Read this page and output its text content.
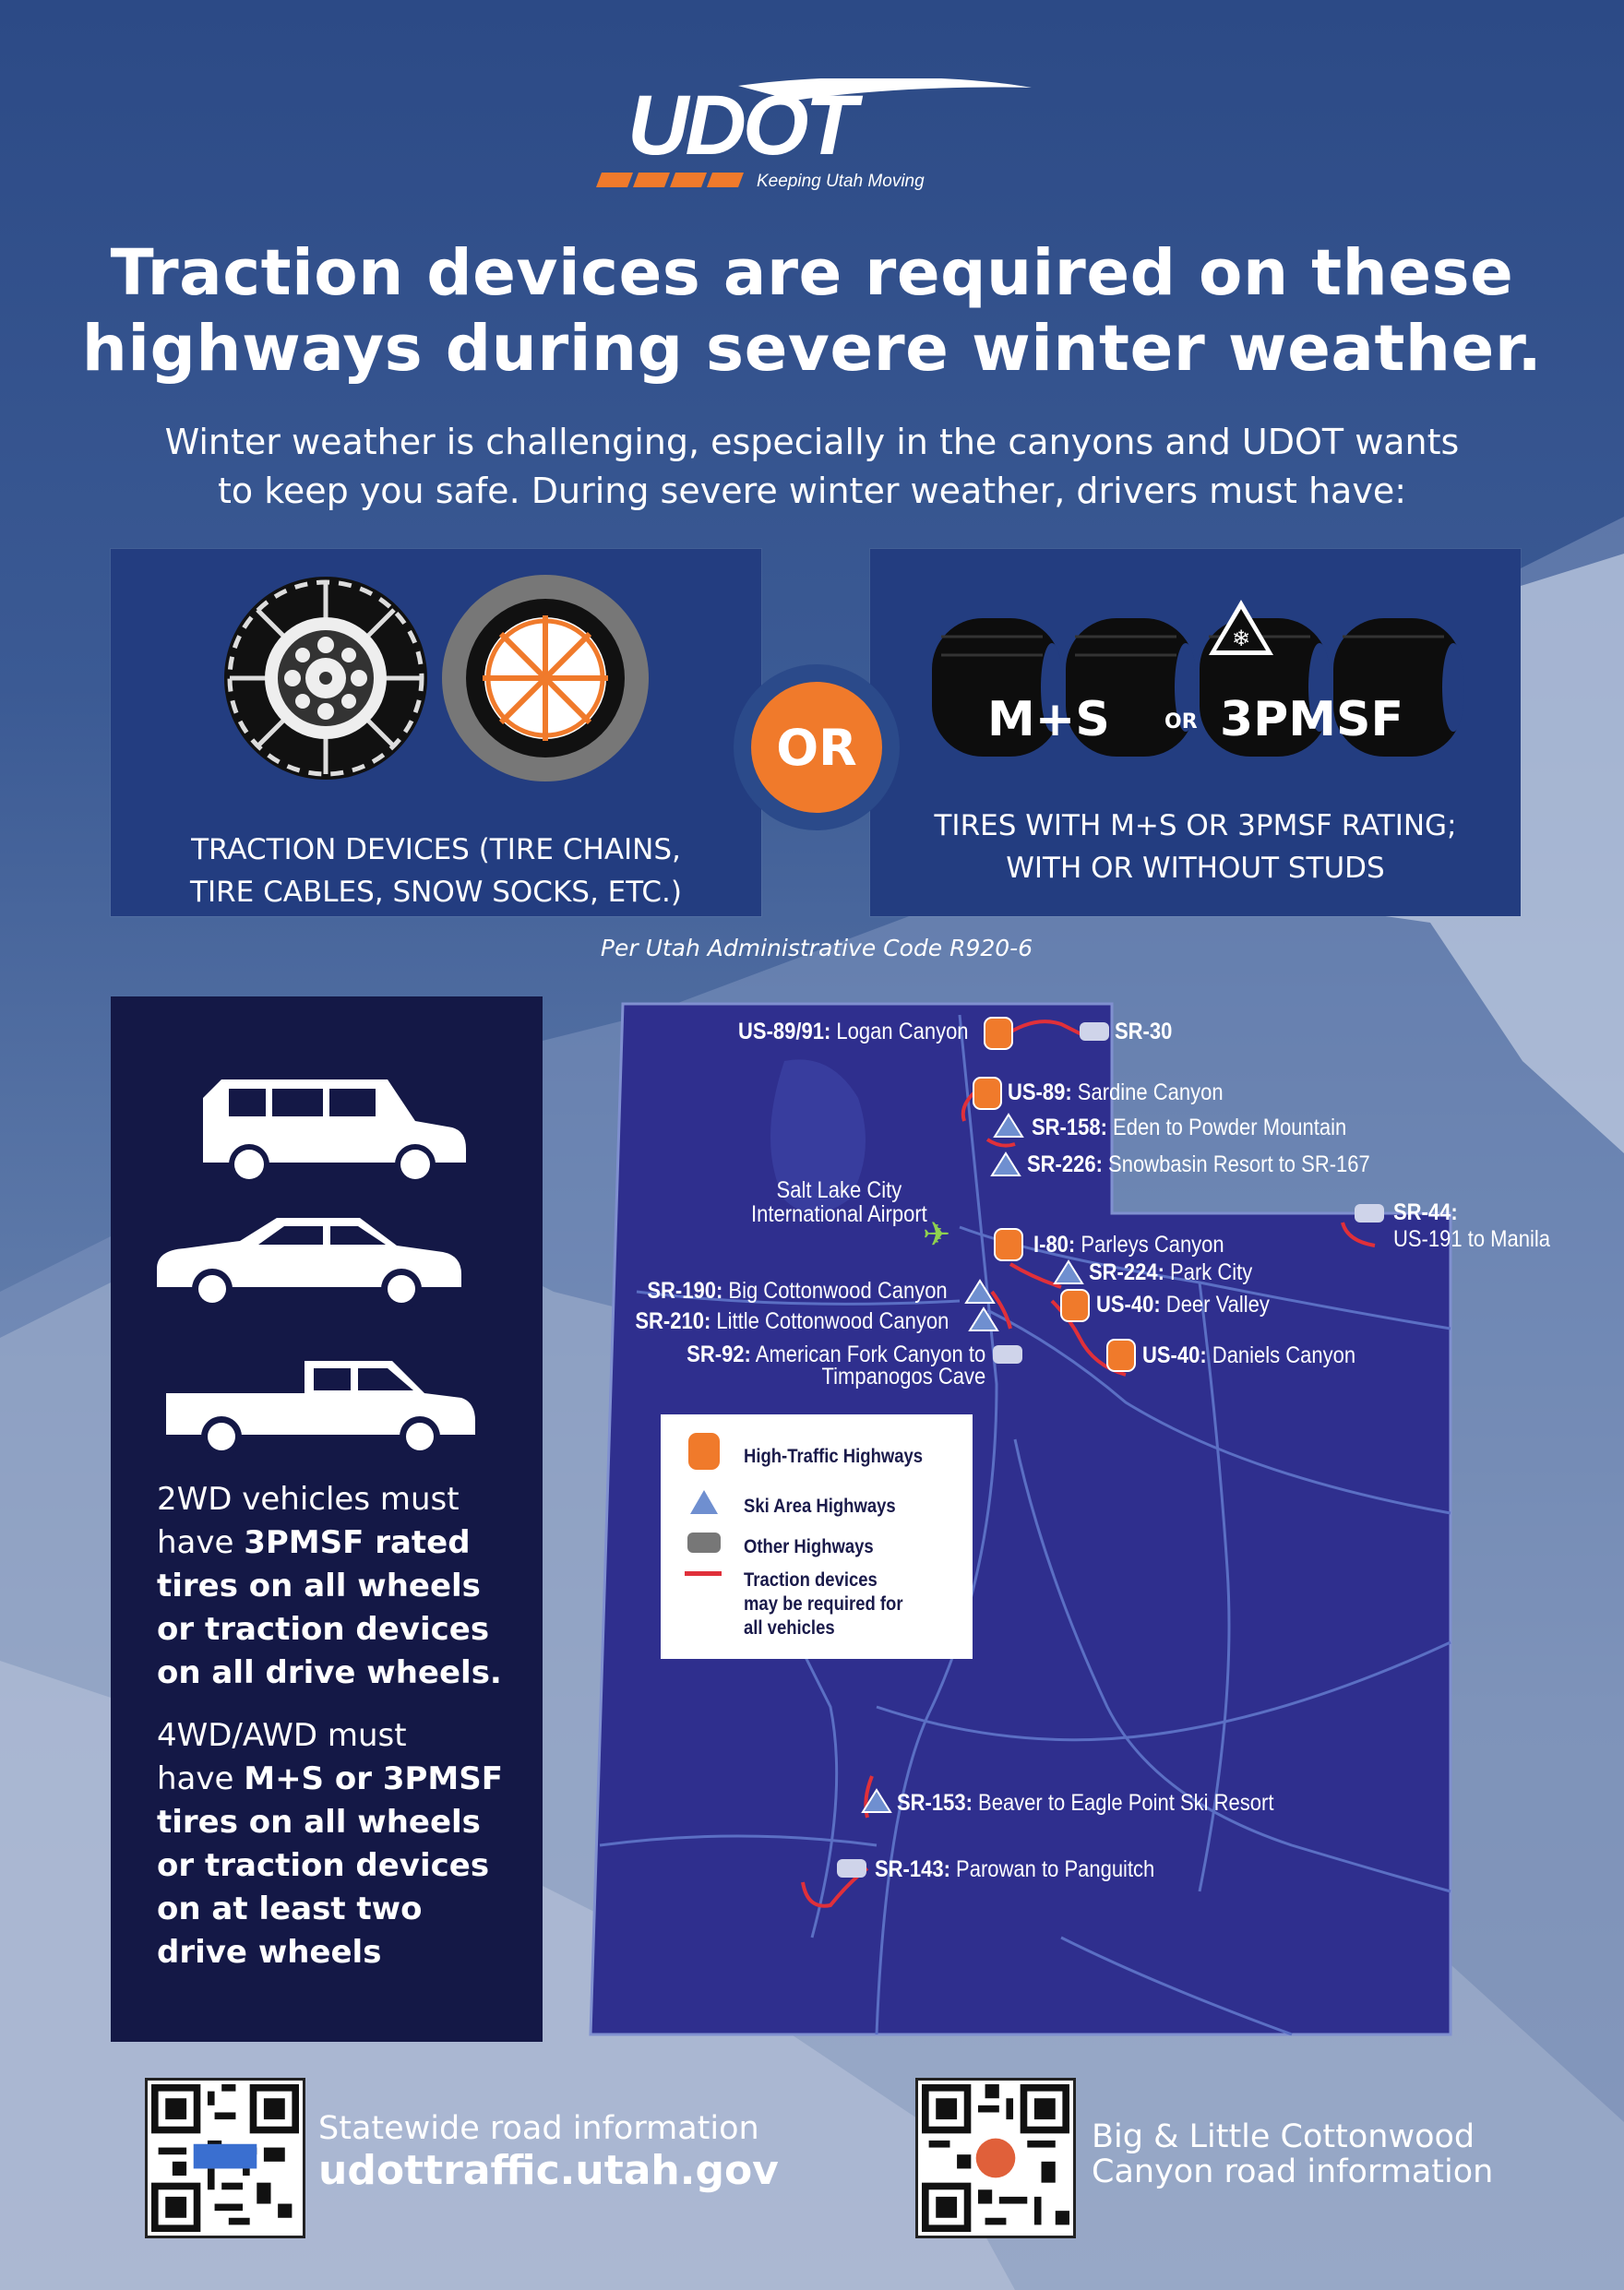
UDOT
Keeping Utah Moving
Traction devices are required on these
highways during severe winter weather.

Winter weather is challenging, especially in the canyons and UDOT wants
to keep you safe. During severe winter weather, drivers must have:

TRACTION DEVICES (TIRE CHAINS,
TIRE CABLES, SNOW SOCKS, ETC.)
❄
M+S	OR 3PMSF
TIRES WITH M+S OR 3PMSF RATING;
WITH OR WITHOUT STUDS
OR
Per Utah Administrative Code R920-6

2WD vehicles must
have 3PMSF rated
tires on all wheels
or traction devices
on all drive wheels.

4WD/AWD must
have M+S or 3PMSF
tires on all wheels
or traction devices
on at least two
drive wheels

✈
US-89/91: Logan Canyon	SR-30
US-89: Sardine Canyon
SR-158: Eden to Powder Mountain
SR-226: Snowbasin Resort to SR-167
SR-44:
US-191 to Manila
I-80: Parleys Canyon
SR-224: Park City
US-40: Deer Valley
SR-190: Big Cottonwood Canyon
SR-210: Little Cottonwood Canyon
SR-92: American Fork Canyon to
Timpanogos Cave
US-40: Daniels Canyon
SR-153: Beaver to Eagle Point Ski Resort
SR-143: Parowan to Panguitch
Salt Lake City
International Airport
High-Traffic Highways
Ski Area Highways
Other Highways
Traction devices
may be required for
all vehicles
Statewide road information
udottraffic.utah.gov
Big & Little Cottonwood
Canyon road information
